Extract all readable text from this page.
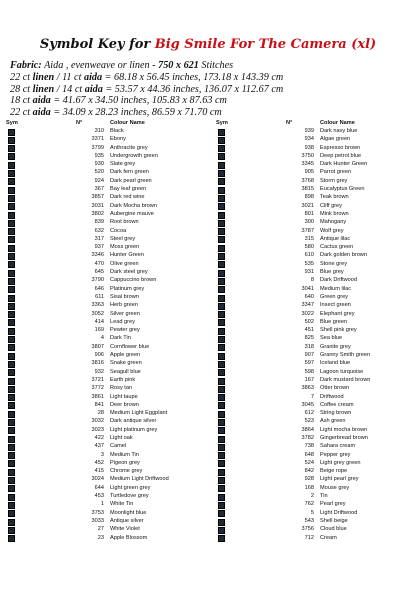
Symbol Key for Big Smile For The Camera (xl)
Fabric: Aida , evenweave or linen - 750 x 621 Stitches
22 ct linen / 11 ct aida = 68.18 x 56.45 inches, 173.18 x 143.39 cm
28 ct linen / 14 ct aida = 53.57 x 44.36 inches, 136.07 x 112.67 cm
18 ct aida = 41.67 x 34.50 inches, 105.83 x 87.63 cm
22 ct aida = 34.09 x 28.23 inches, 86.59 x 71.70 cm
Sym	N°	Colour Name
310 Black
3371 Ebony
3799 Anthracite grey
935 Undergrowth green
930 Slate grey
520 Dark fern green
924 Dark pearl green
367 Bay leaf green
3857 Dark red wine
3031 Dark Mocha brown
3802 Aubergine mauve
839 Root brown
632 Cocoa
317 Steel grey
937 Moss green
3346 Hunter Green
470 Olive green
645 Dark steel grey
3790 Cappuccino brown
646 Platinum grey
611 Sisal brown
3363 Herb green
3052 Silver green
414 Lead grey
169 Pewter grey
4 Dark Tin
3807 Cornflower blue
906 Apple green
3816 Snake green
932 Seagull blue
3721 Earth pink
3772 Rosy tan
3861 Light taupe
841 Deer brown
28 Medium Light Eggplant
3032 Dark antique silver
3023 Light platinum grey
422 Light oak
437 Camel
3 Medium Tin
452 Pigeon grey
415 Chrome grey
3024 Medium Light Driftwood
644 Light green grey
453 Turtledove grey
1 White Tin
3753 Moonlight blue
3033 Antique silver
27 White Violet
23 Apple Blossom
Sym	N°	Colour Name
939 Dark navy blue
934 Algae green
938 Espresso brown
3750 Deep petrol blue
3345 Dark Hunter Green
905 Parrot green
3768 Storm grey
3815 Eucalyptus Green
898 Teak brown
3021 Cliff grey
801 Mink brown
300 Mahogany
3787 Wolf grey
315 Antique lilac
580 Cactus green
610 Dark golden brown
535 Stone grey
931 Blue grey
8 Dark Driftwood
3041 Medium lilac
640 Green grey
3347 Insect green
3022 Elephant grey
502 Blue green
451 Shell pink grey
825 Sea blue
318 Granite grey
907 Granny Smith green
597 Iceland blue
598 Lagoon turquoise
167 Dark mustard brown
3863 Otter brown
7 Driftwood
3045 Coffee cream
612 String brown
523 Ash green
3864 Light mocha brown
3782 Gingerbread brown
738 Sahara cream
648 Pepper grey
524 Light grey green
842 Beige rope
928 Light pearl grey
168 Mouse grey
2 Tin
762 Pearl grey
5 Light Driftwood
543 Shell beige
3756 Cloud blue
712 Cream
